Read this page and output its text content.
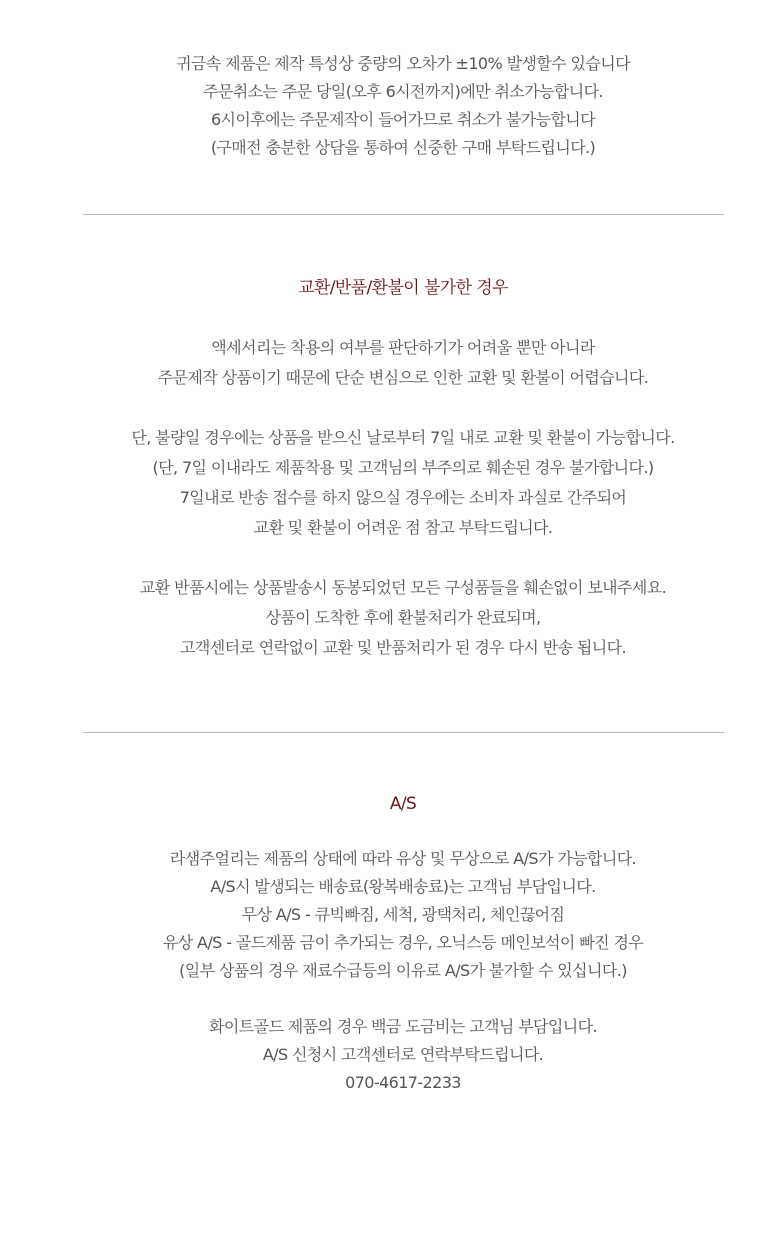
귀금속 제품은 제작 특성상 중량의 오차가 ±10% 발생할수 있습니다
주문취소는 주문 당일(오후 6시전까지)에만 취소가능합니다.
6시이후에는 주문제작이 들어가므로 취소가 불가능합니다
(구매전 충분한 상담을 통하여 신중한 구매 부탁드립니다.)
교환/반품/환불이 불가한 경우
액세서리는 착용의 여부를 판단하기가 어려울 뿐만 아니라
주문제작 상품이기 때문에 단순 변심으로 인한 교환 및 환불이 어렵습니다.
단, 불량일 경우에는 상품을 받으신 날로부터 7일 내로 교환 및 환불이 가능합니다.
(단, 7일 이내라도 제품착용 및 고객님의 부주의로 훼손된 경우 불가합니다.)
7일내로 반송 접수를 하지 않으실 경우에는 소비자 과실로 간주되어
교환 및 환불이 어려운 점 참고 부탁드립니다.
교환 반품시에는 상품발송시 동봉되었던 모든 구성품들을 훼손없이 보내주세요.
상품이 도착한 후에 환불처리가 완료되며,
고객센터로 연락없이 교환 및 반품처리가 된 경우 다시 반송 됩니다.
A/S
라샘주얼리는 제품의 상태에 따라 유상 및 무상으로 A/S가 가능합니다.
A/S시 발생되는 배송료(왕복배송료)는 고객님 부담입니다.
무상 A/S - 큐빅빠짐, 세척, 광택처리, 체인끊어짐
유상 A/S - 골드제품 금이 추가되는 경우, 오닉스등 메인보석이 빠진 경우
(일부 상품의 경우 재료수급등의 이유로 A/S가 불가할 수 있십니다.)
화이트골드 제품의 경우 백금 도금비는 고객님 부담입니다.
A/S 신청시 고객센터로 연락부탁드립니다.
070-4617-2233
